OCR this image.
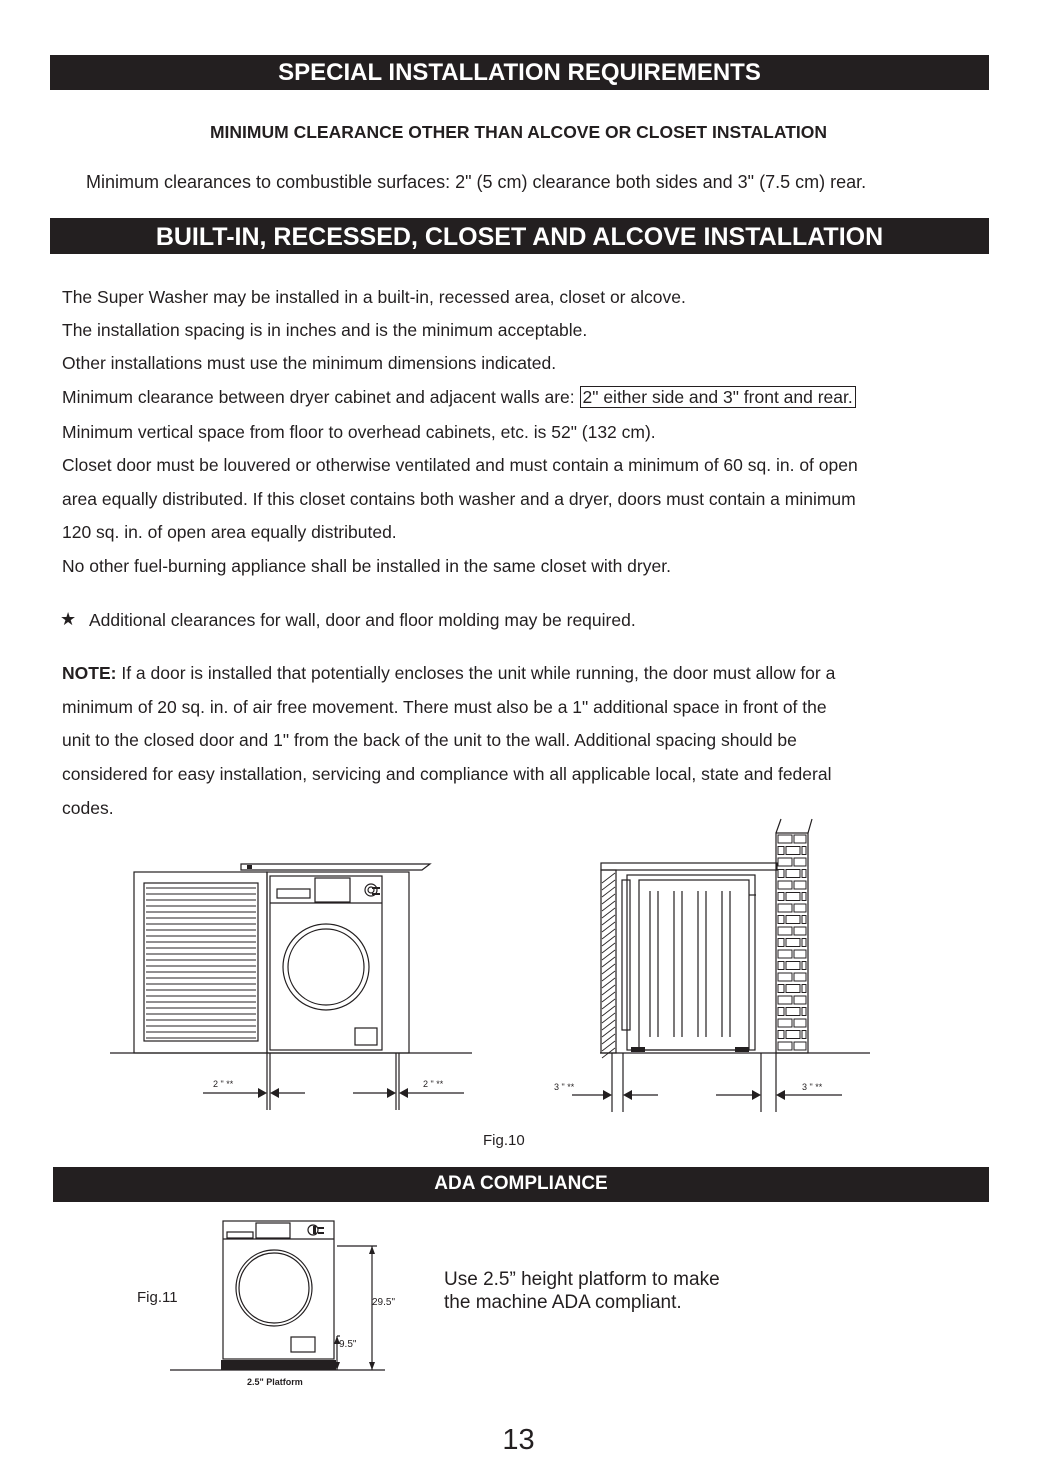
SPECIAL INSTALLATION REQUIREMENTS
MINIMUM CLEARANCE OTHER THAN ALCOVE OR CLOSET INSTALATION
Minimum clearances to combustible surfaces: 2" (5 cm) clearance both sides and 3" (7.5 cm) rear.
BUILT-IN, RECESSED, CLOSET AND ALCOVE INSTALLATION
The Super Washer may be installed in a built-in, recessed area, closet or alcove.
The installation spacing is in inches and is the minimum acceptable.
Other installations must use the minimum dimensions indicated.
Minimum clearance between dryer cabinet and adjacent walls are: 2" either side and 3" front and rear.
Minimum vertical space from floor to overhead cabinets, etc. is 52" (132 cm).
Closet door must be louvered or otherwise ventilated and must contain a minimum of 60 sq. in. of open
area equally distributed. If this closet contains both washer and a dryer, doors must contain a minimum
120 sq. in. of open area equally distributed.
No other fuel-burning appliance shall be installed in the same closet with dryer.
★ Additional clearances for wall, door and floor molding may be required.
NOTE: If a door is installed that potentially encloses the unit while running, the door must allow for a
minimum of 20 sq. in. of air free movement. There must also be a 1" additional space in front of the
unit to the closed door and 1" from the back of the unit to the wall. Additional spacing should be
considered for easy installation, servicing and compliance with all applicable local, state and federal
codes.
2 " **	2 " **	3 " **	3 " **
Fig.10
ADA COMPLIANCE
Fig.11	29.5"
9.5"
2.5" Platform
Use 2.5” height platform to make
the machine ADA compliant.
13
